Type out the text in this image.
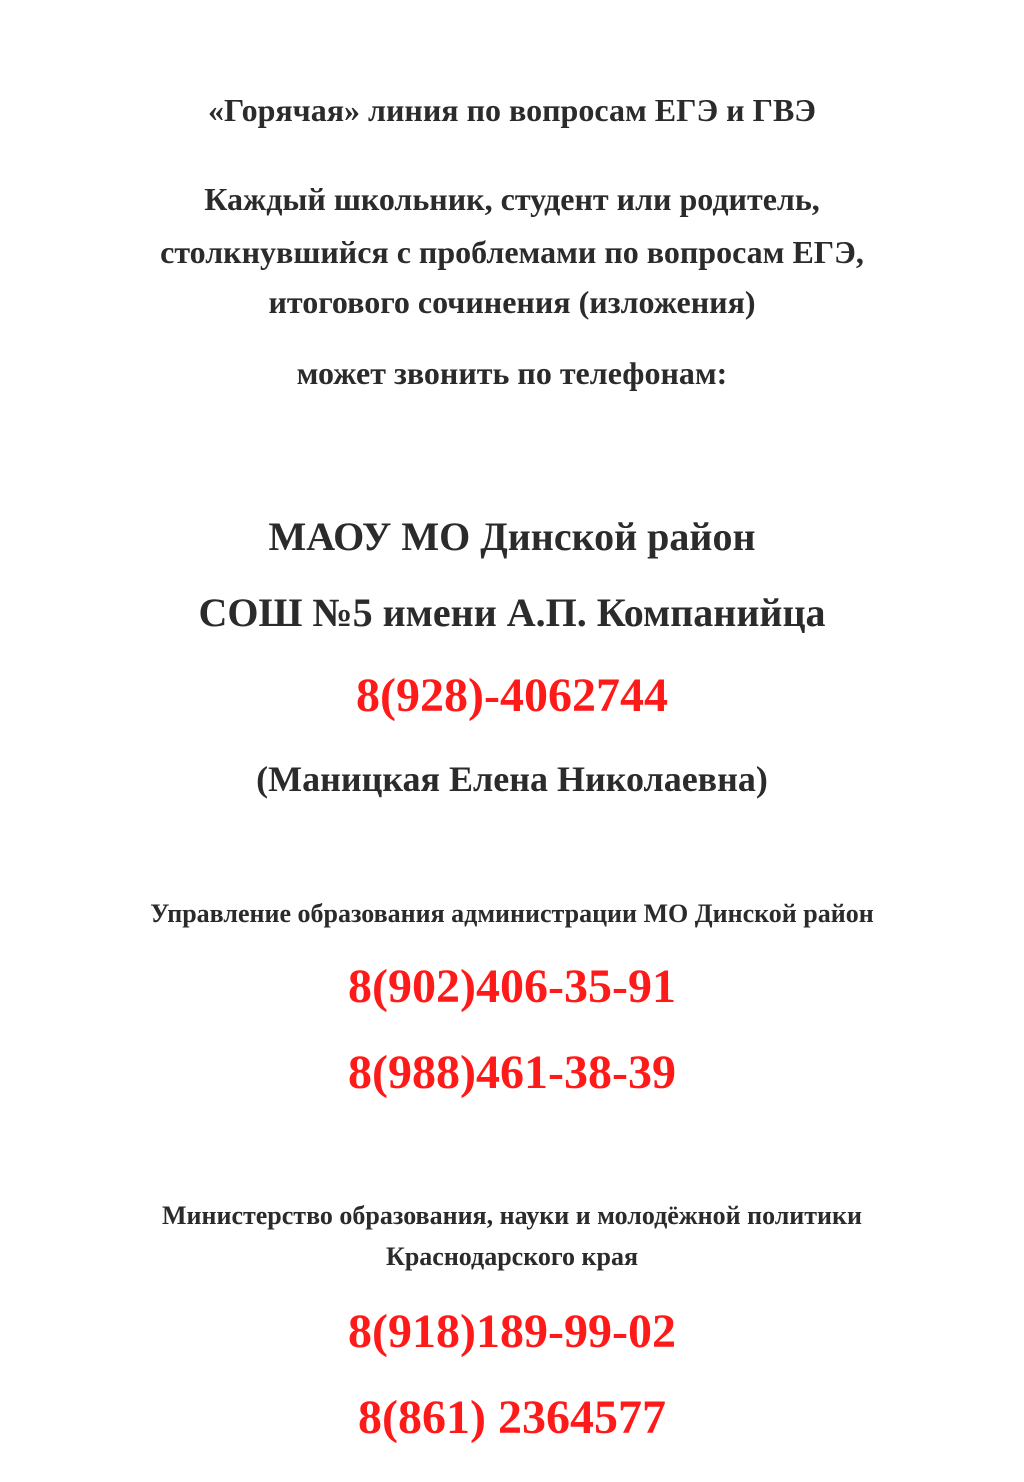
«Горячая» линия по вопросам ЕГЭ и ГВЭ
Каждый школьник, студент или родитель,
столкнувшийся с проблемами по вопросам ЕГЭ,
итогового сочинения (изложения)
может звонить по телефонам:
МАОУ МО Динской район
СОШ №5 имени А.П. Компанийца
8(928)-4062744
(Маницкая Елена Николаевна)
Управление образования администрации МО Динской район
8(902)406-35-91
8(988)461-38-39
Министерство образования, науки и молодёжной политики
Краснодарского края
8(918)189-99-02
8(861) 2364577
